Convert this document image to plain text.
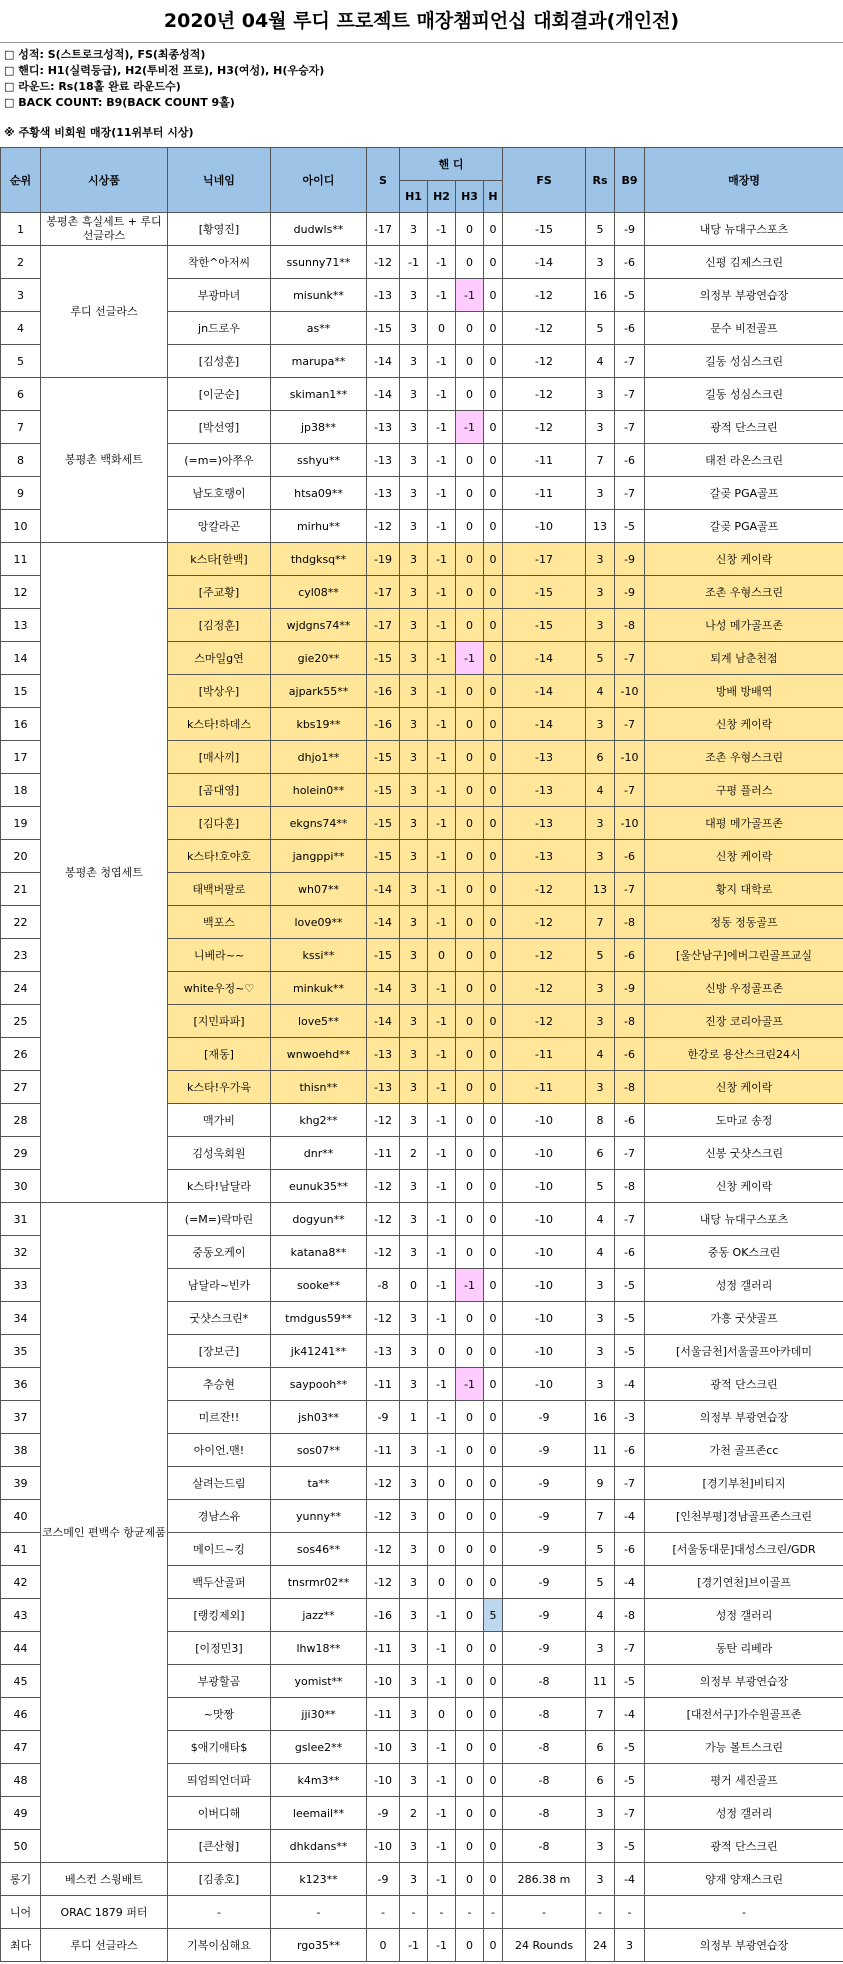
2020년 04월 루디 프로젝트 매장챔피언십 대회결과(개인전)
□ 성적: S(스트로크성적), FS(최종성적)
□ 핸디: H1(실력등급), H2(투비전 프로), H3(여성), H(우승자)
□ 라운드: Rs(18홀 완료 라운드수)
□ BACK COUNT: B9(BACK COUNT 9홀)
※ 주황색 비회원 매장(11위부터 시상)
순위	시상품	닉네임	아이디	S	핸 디				FS	Rs	B9	매장명
					H1	H2	H3	H				
1	봉평촌 흑실세트 + 루디 선글라스	[황영진]	dudwls**	-17	3	-1	0	0	-15	5	-9	내당 뉴대구스포츠
2	루디 선글라스	착한^아저씨	ssunny71**	-12	-1	-1	0	0	-14	3	-6	신평 김제스크린
3		부광마녀	misunk**	-13	3	-1	-1	0	-12	16	-5	의정부 부광연습장
4		jn드로우	as**	-15	3	0	0	0	-12	5	-6	문수 비전골프
5		[김성훈]	marupa**	-14	3	-1	0	0	-12	4	-7	길동 성심스크린
6	봉평촌 백화세트	[이군순]	skiman1**	-14	3	-1	0	0	-12	3	-7	길동 성심스크린
7		[박선영]	jp38**	-13	3	-1	-1	0	-12	3	-7	광적 단스크린
8		(=m=)아쭈우	sshyu**	-13	3	-1	0	0	-11	7	-6	태전 라온스크린
9		남도호랭이	htsa09**	-13	3	-1	0	0	-11	3	-7	갈곶 PGA골프
10		앙칼라곤	mirhu**	-12	3	-1	0	0	-10	13	-5	갈곶 PGA골프
11	봉평촌 청엽세트	k스타[한백]	thdgksq**	-19	3	-1	0	0	-17	3	-9	신창 케이락
12		[주교황]	cyl08**	-17	3	-1	0	0	-15	3	-9	조촌 우형스크린
13		[김정훈]	wjdgns74**	-17	3	-1	0	0	-15	3	-8	나성 메가골프존
14		스마일g연	gie20**	-15	3	-1	-1	0	-14	5	-7	퇴계 남춘천점
15		[박상우]	ajpark55**	-16	3	-1	0	0	-14	4	-10	방배 방배역
16		k스타!하데스	kbs19**	-16	3	-1	0	0	-14	3	-7	신창 케이락
17		[매사끼]	dhjo1**	-15	3	-1	0	0	-13	6	-10	조촌 우형스크린
18		[곰대영]	holein0**	-15	3	-1	0	0	-13	4	-7	구평 플러스
19		[김다훈]	ekgns74**	-15	3	-1	0	0	-13	3	-10	대평 메가골프존
20		k스타!호야호	jangppi**	-15	3	-1	0	0	-13	3	-6	신창 케이락
21		태백버팔로	wh07**	-14	3	-1	0	0	-12	13	-7	황지 대학로
22		백포스	love09**	-14	3	-1	0	0	-12	7	-8	정동 정동골프
23		니베라~~	kssi**	-15	3	0	0	0	-12	5	-6	[울산남구]에버그린골프교실
24		white우정~♡	minkuk**	-14	3	-1	0	0	-12	3	-9	신방 우정골프존
25		[지민파파]	love5**	-14	3	-1	0	0	-12	3	-8	진장 코리아골프
26		[재동]	wnwoehd**	-13	3	-1	0	0	-11	4	-6	한강로 용산스크린24시
27		k스타!우가육	thisn**	-13	3	-1	0	0	-11	3	-8	신창 케이락
28		맥가비	khg2**	-12	3	-1	0	0	-10	8	-6	도마교 송정
29		김성욱회원	dnr**	-11	2	-1	0	0	-10	6	-7	신봉 굿샷스크린
30		k스타!남달라	eunuk35**	-12	3	-1	0	0	-10	5	-8	신창 케이락
31	코스메인 편백수 항균제품	(=M=)락마린	dogyun**	-12	3	-1	0	0	-10	4	-7	내당 뉴대구스포츠
32		중동오케이	katana8**	-12	3	-1	0	0	-10	4	-6	중동 OK스크린
33		남달라~빈카	sooke**	-8	0	-1	-1	0	-10	3	-5	성정 갤러리
34		굿샷스크린*	tmdgus59**	-12	3	-1	0	0	-10	3	-5	가흥 굿샷골프
35		[장보근]	jk41241**	-13	3	0	0	0	-10	3	-5	[서울금천]서울골프아카데미
36		추승현	saypooh**	-11	3	-1	-1	0	-10	3	-4	광적 단스크린
37		미르잔!!	jsh03**	-9	1	-1	0	0	-9	16	-3	의정부 부광연습장
38		아이언.맨!	sos07**	-11	3	-1	0	0	-9	11	-6	가천 골프존cc
39		살려는드림	ta**	-12	3	0	0	0	-9	9	-7	[경기부천]비티지
40		경남스유	yunny**	-12	3	0	0	0	-9	7	-4	[인천부평]경남골프존스크린
41		메이드~킹	sos46**	-12	3	0	0	0	-9	5	-6	[서울동대문]대성스크린/GDR
42		백두산골퍼	tnsrmr02**	-12	3	0	0	0	-9	5	-4	[경기연천]브이골프
43		[랭킹제외]	jazz**	-16	3	-1	0	5	-9	4	-8	성정 갤러리
44		[이정민3]	lhw18**	-11	3	-1	0	0	-9	3	-7	동탄 리베라
45		부광할곰	yomist**	-10	3	-1	0	0	-8	11	-5	의정부 부광연습장
46		~맛짱	jji30**	-11	3	0	0	0	-8	7	-4	[대전서구]가수원골프존
47		$애기애타$	gslee2**	-10	3	-1	0	0	-8	6	-5	가능 볼트스크린
48		띄엄띄언더파	k4m3**	-10	3	-1	0	0	-8	6	-5	평거 세진골프
49		이버디해	leemail**	-9	2	-1	0	0	-8	3	-7	성정 갤러리
50		[큰산형]	dhkdans**	-10	3	-1	0	0	-8	3	-5	광적 단스크린
롱기	베스컨 스윙배트	[김종호]	k123**	-9	3	-1	0	0	286.38 m	3	-4	양재 양재스크린
니어	ORAC 1879 퍼터	-	-	-	-	-	-	-	-	-	-	-
최다	루디 선글라스	기복이심해요	rgo35**	0	-1	-1	0	0	24 Rounds	24	3	의정부 부광연습장
